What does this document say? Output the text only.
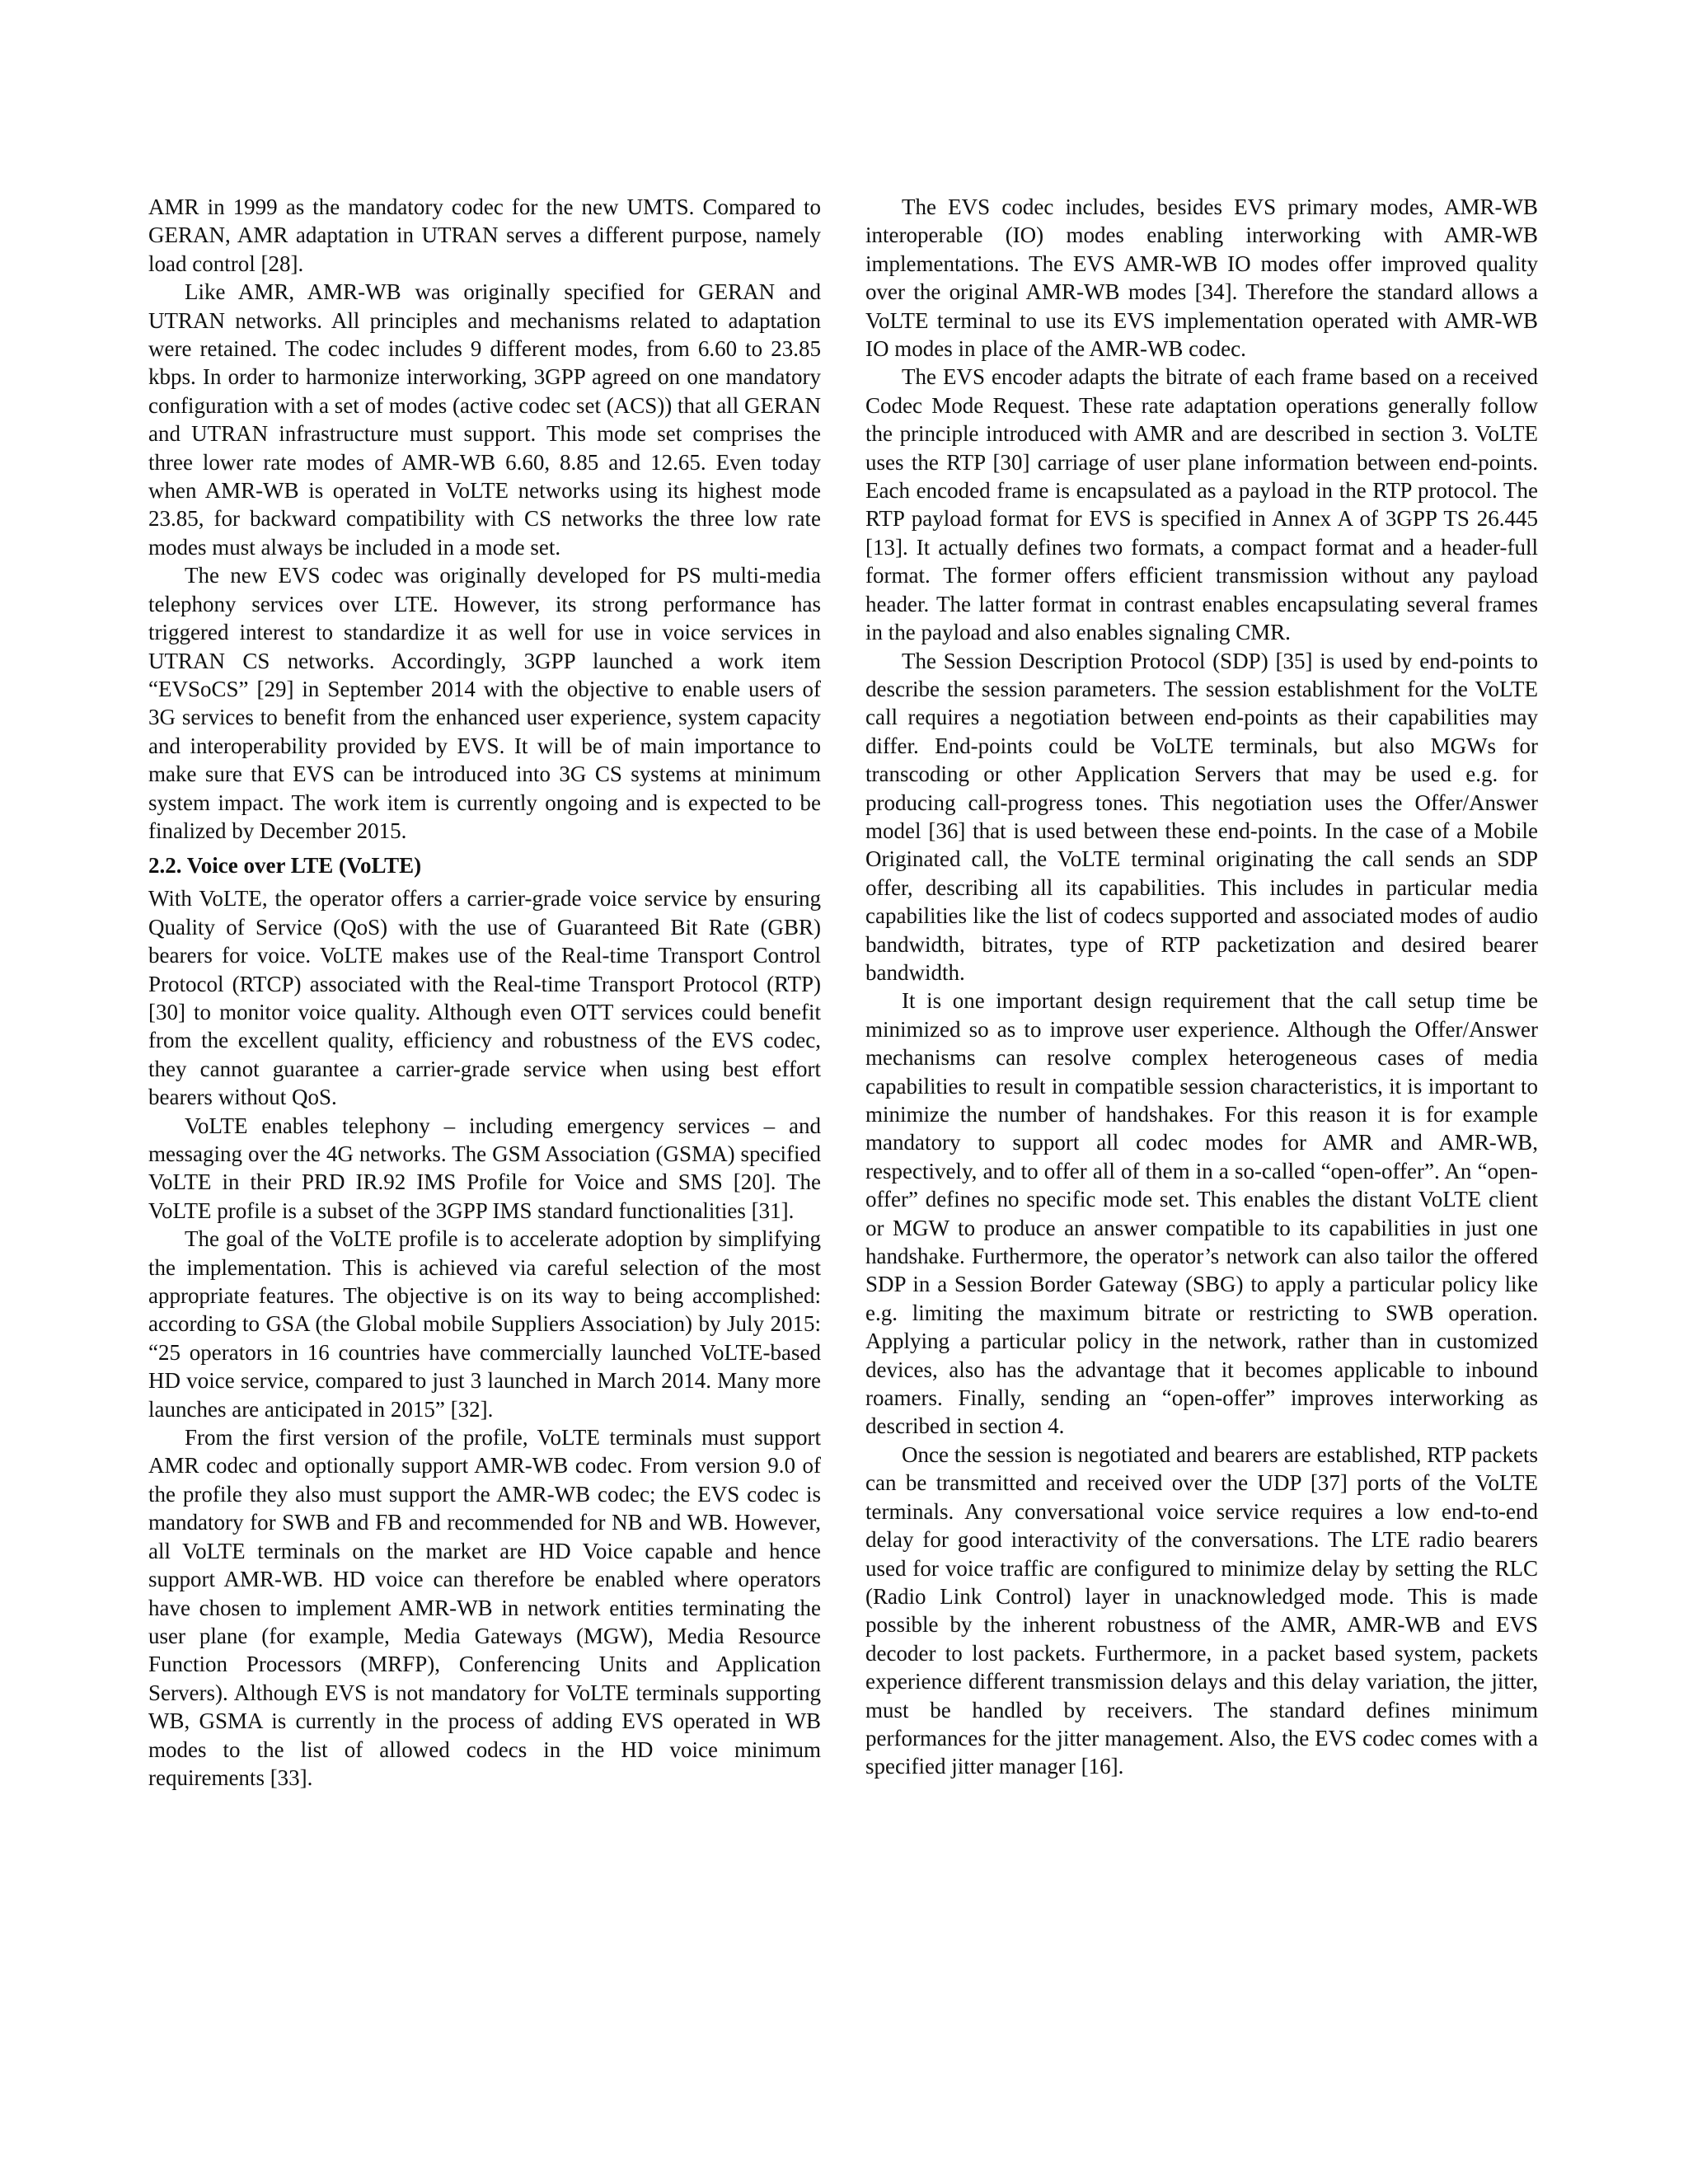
AMR in 1999 as the mandatory codec for the new UMTS. Compared to GERAN, AMR adaptation in UTRAN serves a different purpose, namely load control [28].

Like AMR, AMR-WB was originally specified for GERAN and UTRAN networks. All principles and mechanisms related to adaptation were retained. The codec includes 9 different modes, from 6.60 to 23.85 kbps. In order to harmonize interworking, 3GPP agreed on one mandatory configuration with a set of modes (active codec set (ACS)) that all GERAN and UTRAN infrastructure must support. This mode set comprises the three lower rate modes of AMR-WB 6.60, 8.85 and 12.65. Even today when AMR-WB is operated in VoLTE networks using its highest mode 23.85, for backward compatibility with CS networks the three low rate modes must always be included in a mode set.

The new EVS codec was originally developed for PS multi-media telephony services over LTE. However, its strong performance has triggered interest to standardize it as well for use in voice services in UTRAN CS networks. Accordingly, 3GPP launched a work item “EVSoCS” [29] in September 2014 with the objective to enable users of 3G services to benefit from the enhanced user experience, system capacity and interoperability provided by EVS. It will be of main importance to make sure that EVS can be introduced into 3G CS systems at minimum system impact. The work item is currently ongoing and is expected to be finalized by December 2015.

2.2. Voice over LTE (VoLTE)

With VoLTE, the operator offers a carrier-grade voice service by ensuring Quality of Service (QoS) with the use of Guaranteed Bit Rate (GBR) bearers for voice. VoLTE makes use of the Real-time Transport Control Protocol (RTCP) associated with the Real-time Transport Protocol (RTP) [30] to monitor voice quality. Although even OTT services could benefit from the excellent quality, efficiency and robustness of the EVS codec, they cannot guarantee a carrier-grade service when using best effort bearers without QoS.

VoLTE enables telephony – including emergency services – and messaging over the 4G networks. The GSM Association (GSMA) specified VoLTE in their PRD IR.92 IMS Profile for Voice and SMS [20]. The VoLTE profile is a subset of the 3GPP IMS standard functionalities [31].

The goal of the VoLTE profile is to accelerate adoption by simplifying the implementation. This is achieved via careful selection of the most appropriate features. The objective is on its way to being accomplished: according to GSA (the Global mobile Suppliers Association) by July 2015: “25 operators in 16 countries have commercially launched VoLTE-based HD voice service, compared to just 3 launched in March 2014. Many more launches are anticipated in 2015” [32].

From the first version of the profile, VoLTE terminals must support AMR codec and optionally support AMR-WB codec. From version 9.0 of the profile they also must support the AMR-WB codec; the EVS codec is mandatory for SWB and FB and recommended for NB and WB. However, all VoLTE terminals on the market are HD Voice capable and hence support AMR-WB. HD voice can therefore be enabled where operators have chosen to implement AMR-WB in network entities terminating the user plane (for example, Media Gateways (MGW), Media Resource Function Processors (MRFP), Conferencing Units and Application Servers). Although EVS is not mandatory for VoLTE terminals supporting WB, GSMA is currently in the process of adding EVS operated in WB modes to the list of allowed codecs in the HD voice minimum requirements [33].

The EVS codec includes, besides EVS primary modes, AMR-WB interoperable (IO) modes enabling interworking with AMR-WB implementations. The EVS AMR-WB IO modes offer improved quality over the original AMR-WB modes [34]. Therefore the standard allows a VoLTE terminal to use its EVS implementation operated with AMR-WB IO modes in place of the AMR-WB codec.

The EVS encoder adapts the bitrate of each frame based on a received Codec Mode Request. These rate adaptation operations generally follow the principle introduced with AMR and are described in section 3. VoLTE uses the RTP [30] carriage of user plane information between end-points. Each encoded frame is encapsulated as a payload in the RTP protocol. The RTP payload format for EVS is specified in Annex A of 3GPP TS 26.445 [13]. It actually defines two formats, a compact format and a header-full format. The former offers efficient transmission without any payload header. The latter format in contrast enables encapsulating several frames in the payload and also enables signaling CMR.

The Session Description Protocol (SDP) [35] is used by end-points to describe the session parameters. The session establishment for the VoLTE call requires a negotiation between end-points as their capabilities may differ. End-points could be VoLTE terminals, but also MGWs for transcoding or other Application Servers that may be used e.g. for producing call-progress tones. This negotiation uses the Offer/Answer model [36] that is used between these end-points. In the case of a Mobile Originated call, the VoLTE terminal originating the call sends an SDP offer, describing all its capabilities. This includes in particular media capabilities like the list of codecs supported and associated modes of audio bandwidth, bitrates, type of RTP packetization and desired bearer bandwidth.

It is one important design requirement that the call setup time be minimized so as to improve user experience. Although the Offer/Answer mechanisms can resolve complex heterogeneous cases of media capabilities to result in compatible session characteristics, it is important to minimize the number of handshakes. For this reason it is for example mandatory to support all codec modes for AMR and AMR-WB, respectively, and to offer all of them in a so-called “open-offer”. An “open-offer” defines no specific mode set. This enables the distant VoLTE client or MGW to produce an answer compatible to its capabilities in just one handshake. Furthermore, the operator’s network can also tailor the offered SDP in a Session Border Gateway (SBG) to apply a particular policy like e.g. limiting the maximum bitrate or restricting to SWB operation. Applying a particular policy in the network, rather than in customized devices, also has the advantage that it becomes applicable to inbound roamers. Finally, sending an “open-offer” improves interworking as described in section 4.

Once the session is negotiated and bearers are established, RTP packets can be transmitted and received over the UDP [37] ports of the VoLTE terminals. Any conversational voice service requires a low end-to-end delay for good interactivity of the conversations. The LTE radio bearers used for voice traffic are configured to minimize delay by setting the RLC (Radio Link Control) layer in unacknowledged mode. This is made possible by the inherent robustness of the AMR, AMR-WB and EVS decoder to lost packets. Furthermore, in a packet based system, packets experience different transmission delays and this delay variation, the jitter, must be handled by receivers. The standard defines minimum performances for the jitter management. Also, the EVS codec comes with a specified jitter manager [16].
